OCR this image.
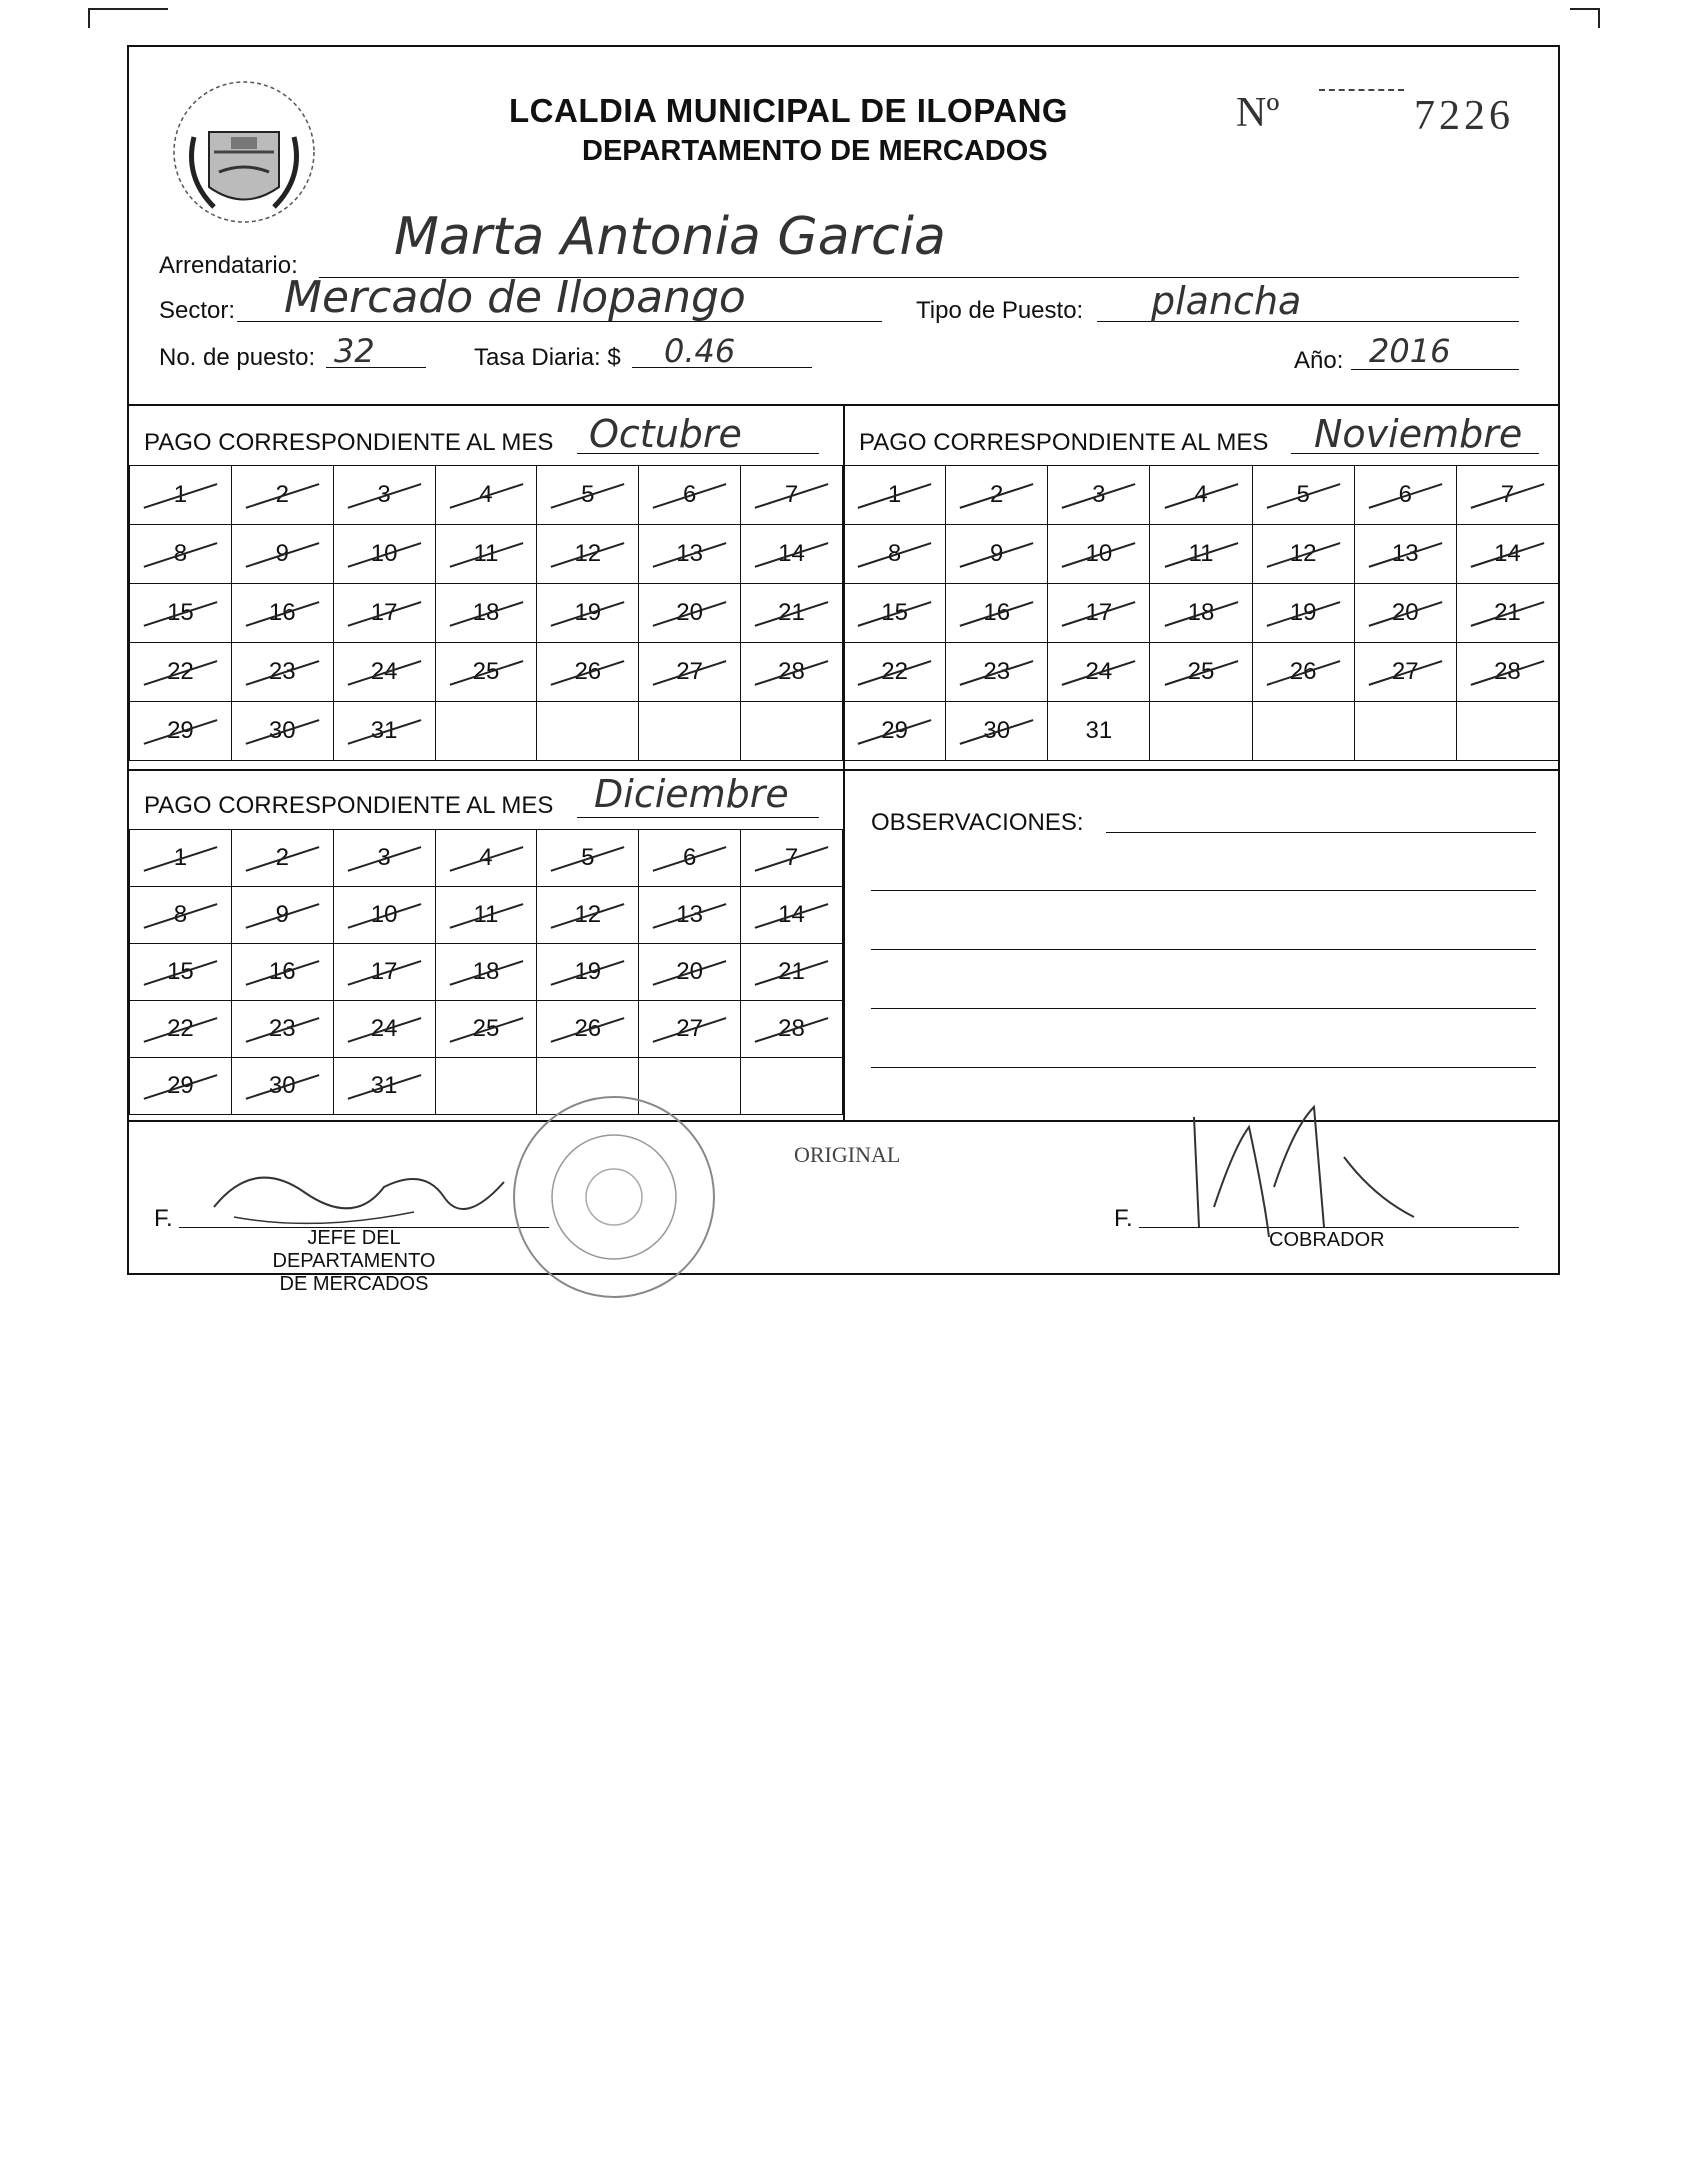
LCALDIA MUNICIPAL DE ILOPANG
DEPARTAMENTO DE MERCADOS
Nº	7226
Arrendatario: Marta Antonia Garcia
Sector: Mercado de Ilopango	Tipo de Puesto: plancha
No. de puesto: 32	Tasa Diaria: $ 0.46	Año: 2016
PAGO CORRESPONDIENTE AL MES Octubre
1	2	3	4	5	6	7
8	9	10	11	12	13	14
15	16	17	18	19	20	21
22	23	24	25	26	27	28
29	30	31				
PAGO CORRESPONDIENTE AL MES Noviembre
1	2	3	4	5	6	7
8	9	10	11	12	13	14
15	16	17	18	19	20	21
22	23	24	25	26	27	28
29	30	31				
PAGO CORRESPONDIENTE AL MES Diciembre
1	2	3	4	5	6	7
8	9	10	11	12	13	14
15	16	17	18	19	20	21
22	23	24	25	26	27	28
29	30	31				
OBSERVACIONES:
ORIGINAL
F.
JEFE DEL DEPARTAMENTO
DE MERCADOS
F.
COBRADOR
